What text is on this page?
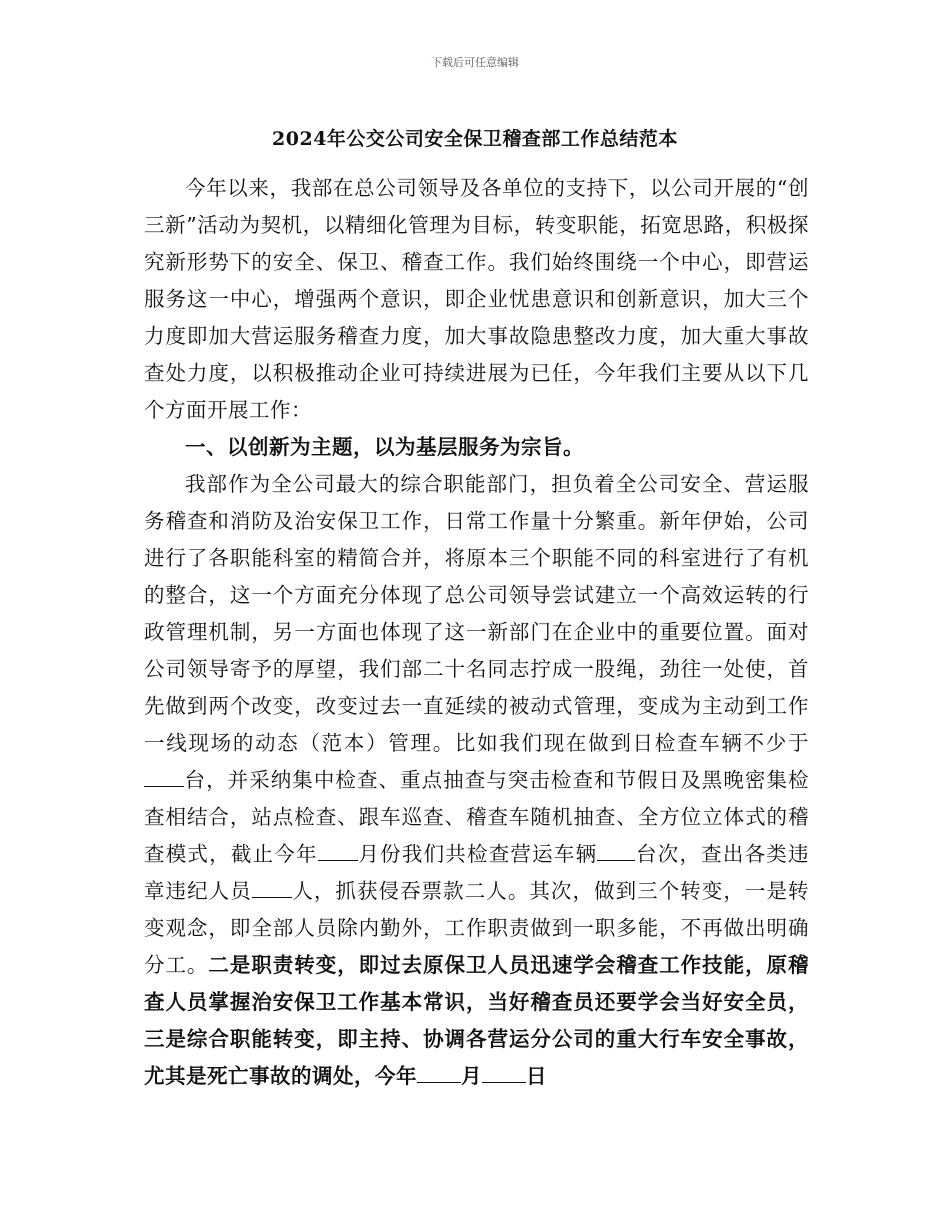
下载后可任意编辑
2024年公交公司安全保卫稽查部工作总结范本

今年以来，我部在总公司领导及各单位的支持下，以公司开展的“创三新”活动为契机，以精细化管理为目标，转变职能，拓宽思路，积极探究新形势下的安全、保卫、稽查工作。我们始终围绕一个中心，即营运服务这一中心，增强两个意识，即企业忧患意识和创新意识，加大三个力度即加大营运服务稽查力度，加大事故隐患整改力度，加大重大事故查处力度，以积极推动企业可持续进展为已任，今年我们主要从以下几个方面开展工作：

一、以创新为主题，以为基层服务为宗旨。

我部作为全公司最大的综合职能部门，担负着全公司安全、营运服务稽查和消防及治安保卫工作，日常工作量十分繁重。新年伊始，公司进行了各职能科室的精简合并，将原本三个职能不同的科室进行了有机的整合，这一个方面充分体现了总公司领导尝试建立一个高效运转的行政管理机制，另一方面也体现了这一新部门在企业中的重要位置。面对公司领导寄予的厚望，我们部二十名同志拧成一股绳，劲往一处使，首先做到两个改变，改变过去一直延续的被动式管理，变成为主动到工作一线现场的动态（范本）管理。比如我们现在做到日检查车辆不少于台，并采纳集中检查、重点抽查与突击检查和节假日及黑晚密集检查相结合，站点检查、跟车巡查、稽查车随机抽查、全方位立体式的稽查模式，截止今年 月份我们共检查营运车辆 台次，查出各类违章违纪人员 人，抓获侵吞票款二人。其次，做到三个转变，一是转变观念，即全部人员除内勤外，工作职责做到一职多能，不再做出明确分工。二是职责转变，即过去原保卫人员迅速学会稽查工作技能，原稽查人员掌握治安保卫工作基本常识，当好稽查员还要学会当好安全员，三是综合职能转变，即主持、协调各营运分公司的重大行车安全事故，尤其是死亡事故的调处，今年 月 日
